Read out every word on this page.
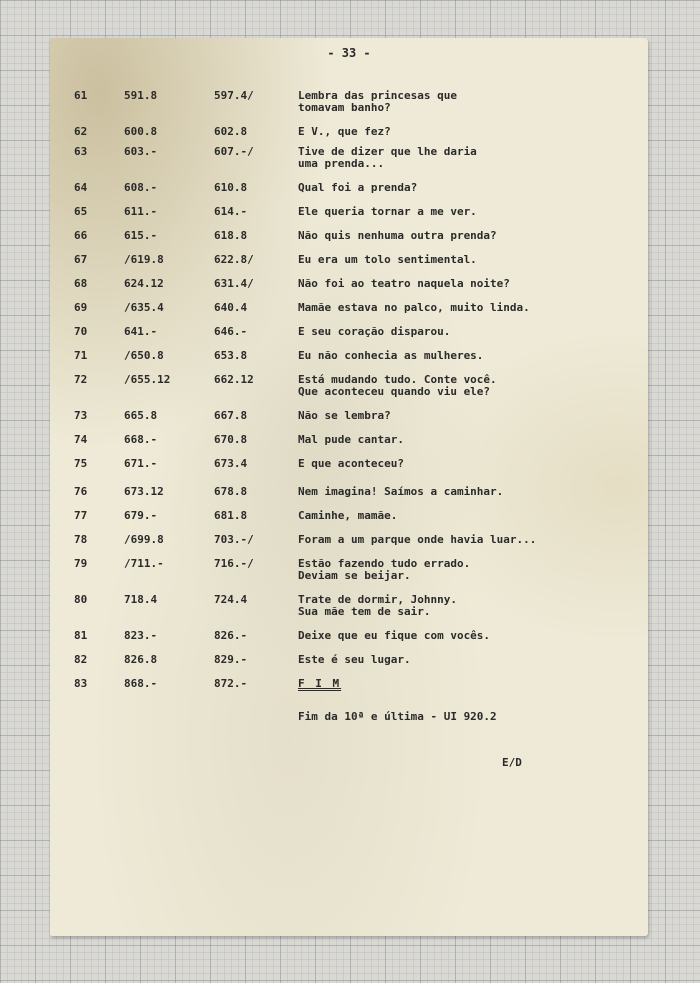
- 33 -
61	591.8	597.4/	Lembra das princesas que
tomavam banho?
62	600.8	602.8	E V., que fez?
63	603.-	607.-/	Tive de dizer que lhe daria
uma prenda...
64	608.-	610.8	Qual foi a prenda?
65	611.-	614.-	Ele queria tornar a me ver.
66	615.-	618.8	Não quis nenhuma outra prenda?
67	/619.8	622.8/	Eu era um tolo sentimental.
68	624.12	631.4/	Não foi ao teatro naquela noite?
69	/635.4	640.4	Mamãe estava no palco, muito linda.
70	641.-	646.-	E seu coração disparou.
71	/650.8	653.8	Eu não conhecia as mulheres.
72	/655.12	662.12	Está mudando tudo. Conte você.
Que aconteceu quando viu ele?
73	665.8	667.8	Não se lembra?
74	668.-	670.8	Mal pude cantar.
75	671.-	673.4	E que aconteceu?
76	673.12	678.8	Nem imagina! Saímos a caminhar.
77	679.-	681.8	Caminhe, mamãe.
78	/699.8	703.-/	Foram a um parque onde havia luar...
79	/711.-	716.-/	Estão fazendo tudo errado.
Deviam se beijar.
80	718.4	724.4	Trate de dormir, Johnny.
Sua mãe tem de sair.
81	823.-	826.-	Deixe que eu fique com vocês.
82	826.8	829.-	Este é seu lugar.
83	868.-	872.-	F I M
Fim da 10ª e última - UI 920.2
E/D
